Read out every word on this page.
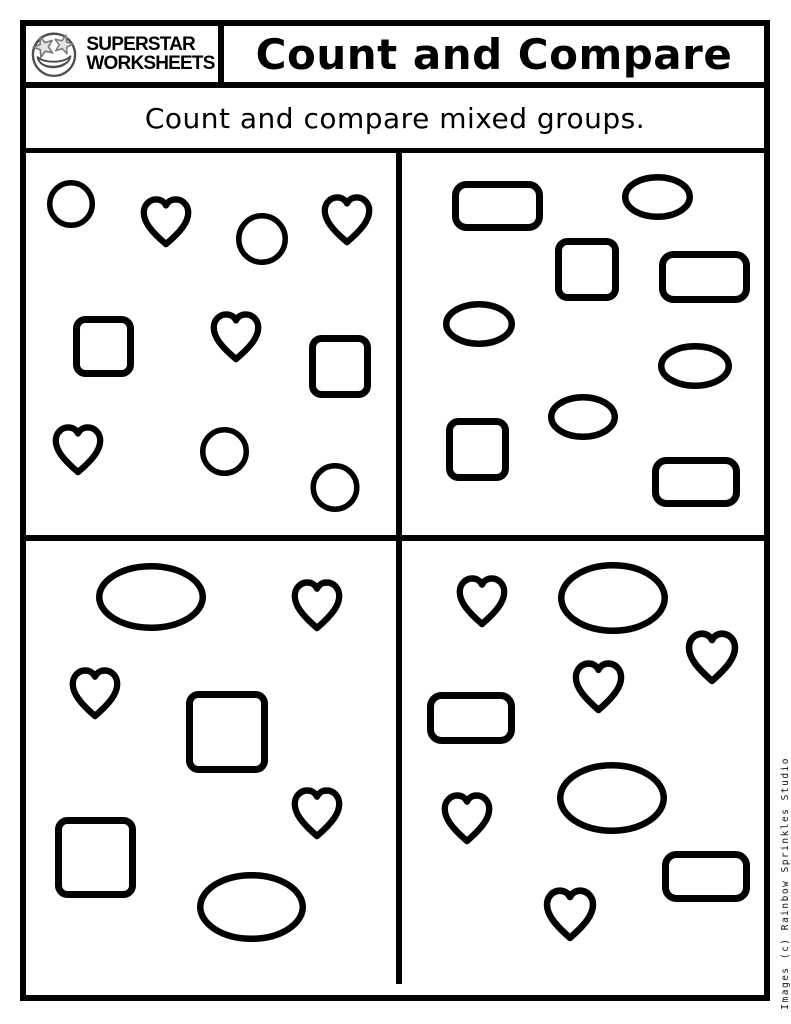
SUPERSTAR
WORKSHEETS Count and Compare
Count and compare mixed groups.
Images (c) Rainbow Sprinkles Studio
